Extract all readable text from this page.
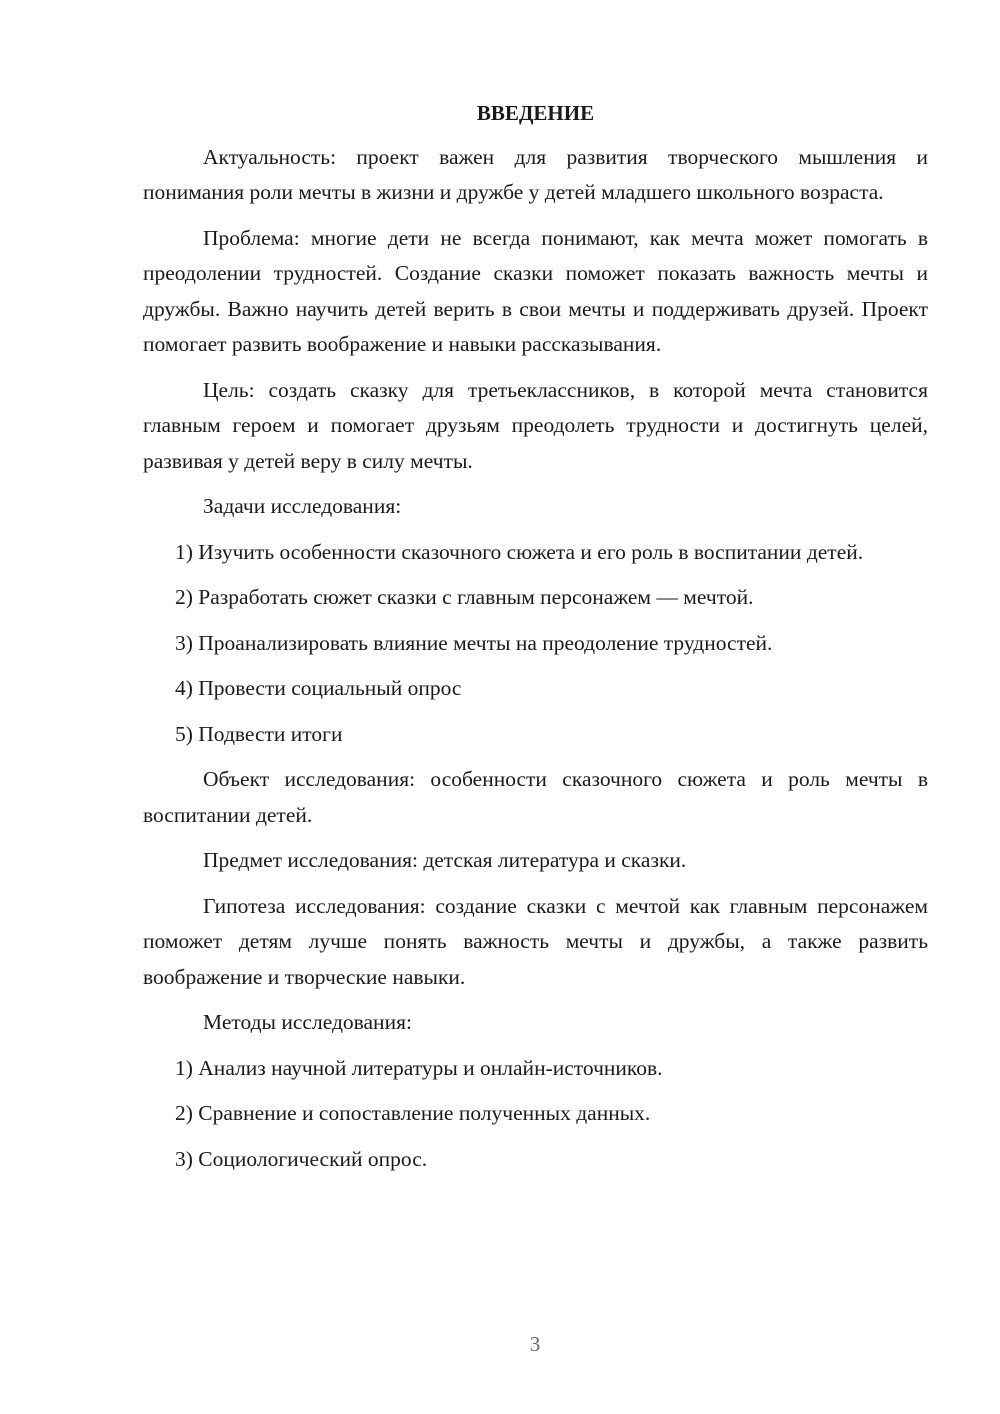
ВВЕДЕНИЕ

Актуальность: проект важен для развития творческого мышления и понимания роли мечты в жизни и дружбе у детей младшего школьного возраста.

Проблема: многие дети не всегда понимают, как мечта может помогать в преодолении трудностей. Создание сказки поможет показать важность мечты и дружбы. Важно научить детей верить в свои мечты и поддерживать друзей. Проект помогает развить воображение и навыки рассказывания.

Цель: создать сказку для третьеклассников, в которой мечта становится главным героем и помогает друзьям преодолеть трудности и достигнуть целей, развивая у детей веру в силу мечты.

Задачи исследования:

1) Изучить особенности сказочного сюжета и его роль в воспитании детей.

2) Разработать сюжет сказки с главным персонажем — мечтой.

3) Проанализировать влияние мечты на преодоление трудностей.

4) Провести социальный опрос

5) Подвести итоги

Объект исследования: особенности сказочного сюжета и роль мечты в воспитании детей.

Предмет исследования: детская литература и сказки.

Гипотеза исследования: создание сказки с мечтой как главным персонажем поможет детям лучше понять важность мечты и дружбы, а также развить воображение и творческие навыки.

Методы исследования:

1) Анализ научной литературы и онлайн-источников.

2) Сравнение и сопоставление полученных данных.

3) Социологический опрос.

3
